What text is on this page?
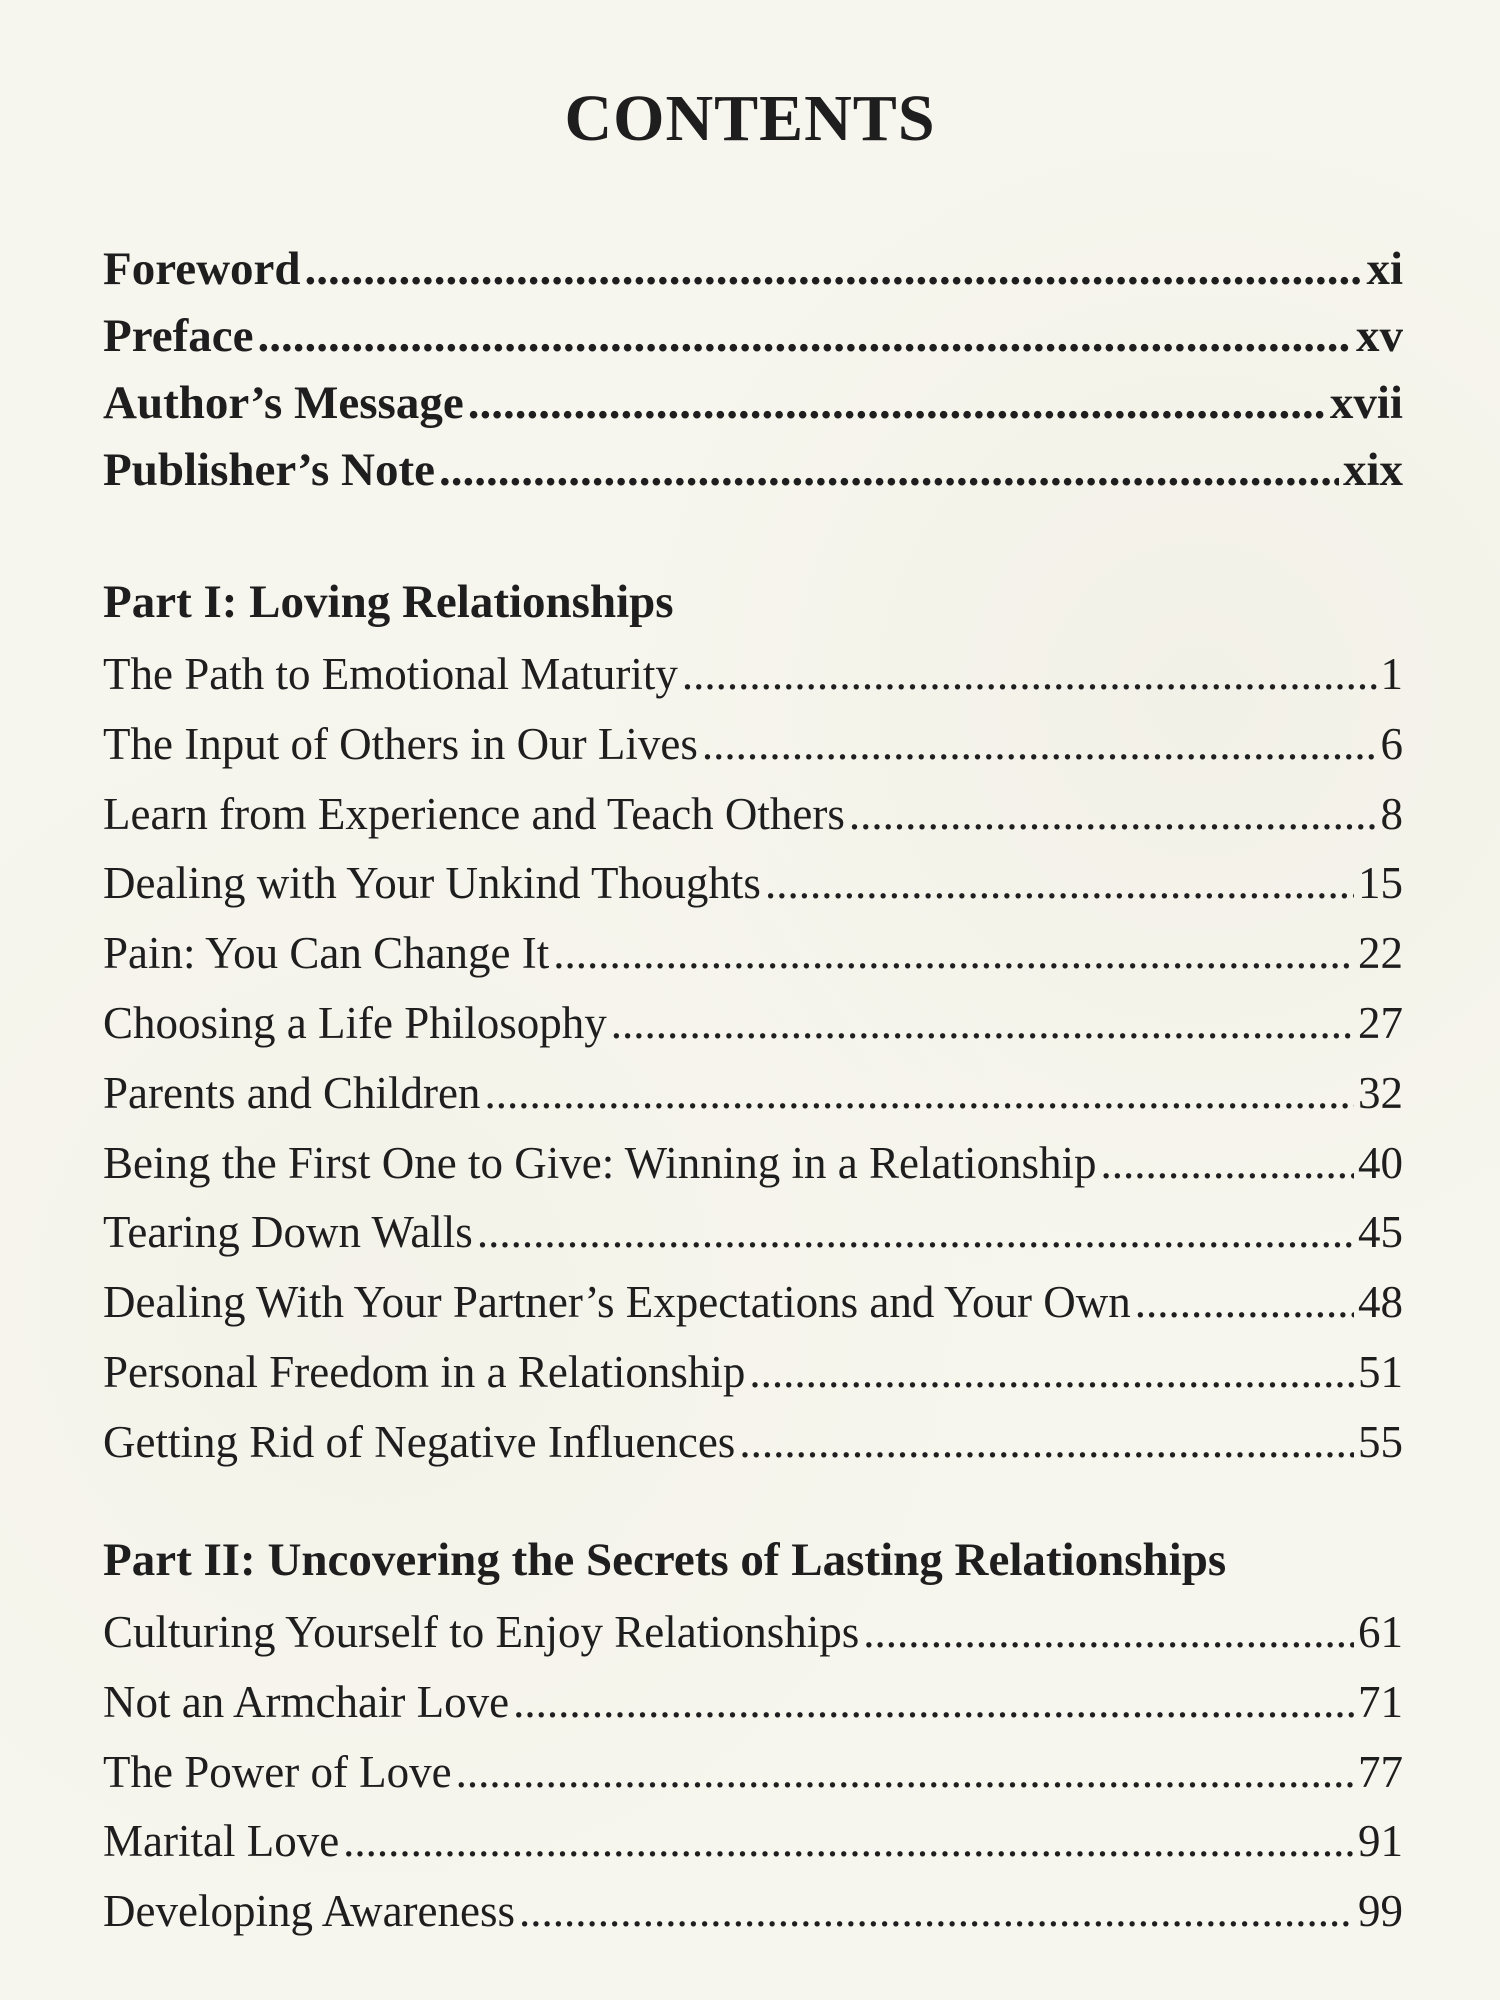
CONTENTS
Foreword .....	xi
Preface .....	xv
Author’s Message .....	xvii
Publisher’s Note .....	xix
Part I: Loving Relationships
The Path to Emotional Maturity .....	1
The Input of Others in Our Lives .....	6
Learn from Experience and Teach Others .....	8
Dealing with Your Unkind Thoughts .....	15
Pain: You Can Change It .....	22
Choosing a Life Philosophy .....	27
Parents and Children .....	32
Being the First One to Give: Winning in a Relationship .....	40
Tearing Down Walls .....	45
Dealing With Your Partner’s Expectations and Your Own .....	48
Personal Freedom in a Relationship .....	51
Getting Rid of Negative Influences .....	55
Part II: Uncovering the Secrets of Lasting Relationships
Culturing Yourself to Enjoy Relationships .....	61
Not an Armchair Love .....	71
The Power of Love .....	77
Marital Love .....	91
Developing Awareness .....	99
